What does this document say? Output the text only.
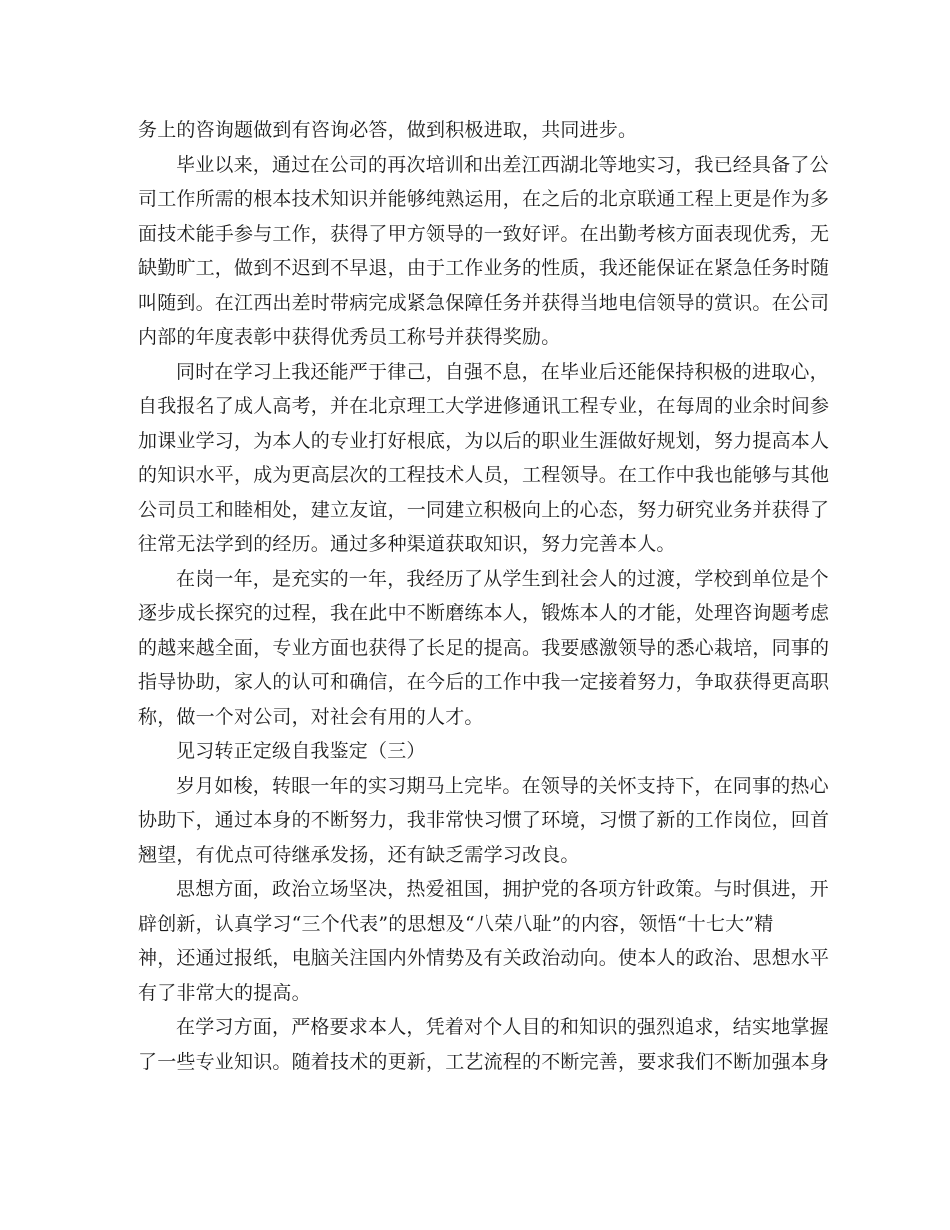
务上的咨询题做到有咨询必答，做到积极进取，共同进步。
毕业以来，通过在公司的再次培训和出差江西湖北等地实习，我已经具备了公
司工作所需的根本技术知识并能够纯熟运用，在之后的北京联通工程上更是作为多
面技术能手参与工作，获得了甲方领导的一致好评。在出勤考核方面表现优秀，无
缺勤旷工，做到不迟到不早退，由于工作业务的性质，我还能保证在紧急任务时随
叫随到。在江西出差时带病完成紧急保障任务并获得当地电信领导的赏识。在公司
内部的年度表彰中获得优秀员工称号并获得奖励。
同时在学习上我还能严于律己，自强不息，在毕业后还能保持积极的进取心，
自我报名了成人高考，并在北京理工大学进修通讯工程专业，在每周的业余时间参
加课业学习，为本人的专业打好根底，为以后的职业生涯做好规划，努力提高本人
的知识水平，成为更高层次的工程技术人员，工程领导。在工作中我也能够与其他
公司员工和睦相处，建立友谊，一同建立积极向上的心态，努力研究业务并获得了
往常无法学到的经历。通过多种渠道获取知识，努力完善本人。
在岗一年，是充实的一年，我经历了从学生到社会人的过渡，学校到单位是个
逐步成长探究的过程，我在此中不断磨练本人，锻炼本人的才能，处理咨询题考虑
的越来越全面，专业方面也获得了长足的提高。我要感激领导的悉心栽培，同事的
指导协助，家人的认可和确信，在今后的工作中我一定接着努力，争取获得更高职
称，做一个对公司，对社会有用的人才。
见习转正定级自我鉴定（三）
岁月如梭，转眼一年的实习期马上完毕。在领导的关怀支持下，在同事的热心
协助下，通过本身的不断努力，我非常快习惯了环境，习惯了新的工作岗位，回首
翘望，有优点可待继承发扬，还有缺乏需学习改良。
思想方面，政治立场坚决，热爱祖国，拥护党的各项方针政策。与时俱进，开
辟创新，认真学习“三个代表”的思想及“八荣八耻”的内容，领悟“十七大”精
神，还通过报纸，电脑关注国内外情势及有关政治动向。使本人的政治、思想水平
有了非常大的提高。
在学习方面，严格要求本人，凭着对个人目的和知识的强烈追求，结实地掌握
了一些专业知识。随着技术的更新，工艺流程的不断完善，要求我们不断加强本身
